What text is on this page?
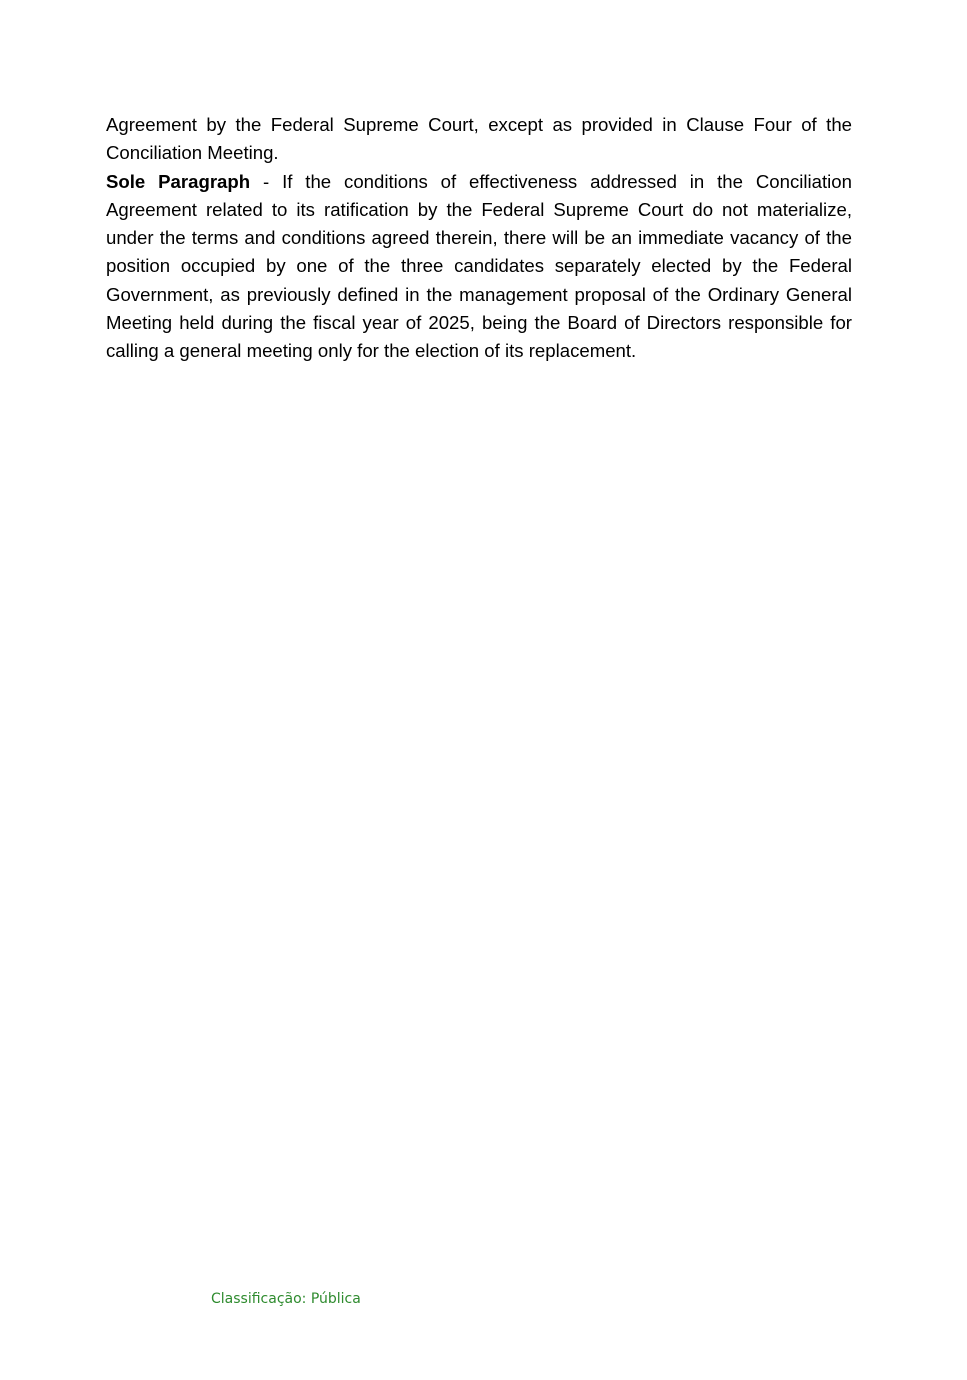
Agreement by the Federal Supreme Court, except as provided in Clause Four of the Conciliation Meeting.

Sole Paragraph - If the conditions of effectiveness addressed in the Conciliation Agreement related to its ratification by the Federal Supreme Court do not materialize, under the terms and conditions agreed therein, there will be an immediate vacancy of the position occupied by one of the three candidates separately elected by the Federal Government, as previously defined in the management proposal of the Ordinary General Meeting held during the fiscal year of 2025, being the Board of Directors responsible for calling a general meeting only for the election of its replacement.

Classificação: Pública
